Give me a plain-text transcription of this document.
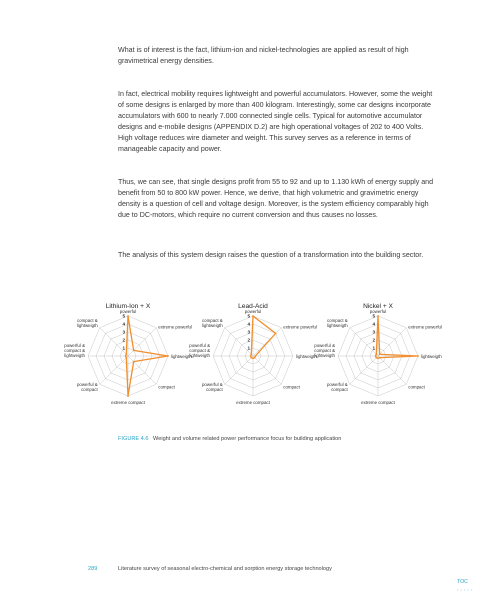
What is of interest is the fact, lithium-ion and nickel-technologies are applied as result of high gravimetrical energy densities.

In fact, electrical mobility requires lightweight and powerful accumulators. However, some the weight of some designs is enlarged by more than 400 kilogram. Interestingly, some car designs incorporate accumulators with 600 to nearly 7.000 connected single cells. Typical for automotive accumulator designs and e-mobile designs (APPENDIX D.2) are high operational voltages of 202 to 400 Volts. High voltage reduces wire diameter and weight. This survey serves as a reference in terms of manageable capacity and power.

Thus, we can see, that single designs profit from 55 to 92 and up to 1.130 kWh of energy supply and benefit from 50 to 800 kW power. Hence, we derive, that high volumetric and gravimetric energy density is a question of cell and voltage design. Moreover, is the system efficiency comparably high due to DC-motors, which require no current conversion and thus causes no losses.

The analysis of this system design raises the question of a transformation into the building sector.

Lithium-Ion + X
1
2
3
4
5
powerful
extreme powerful
lightweigth
compact
extreme compact
powerful & compact
powerful & compact & lightweigth
compact & lightweigth
Lead-Acid
1
2
3
4
5
powerful
extreme powerful
lightweigth
compact
extreme compact
powerful & compact
powerful & compact & lightweigth
compact & lightweigth
Nickel + X
1
2
3
4
5
powerful
extreme powerful
lightweigth
compact
extreme compact
powerful & compact
powerful & compact & lightweigth
compact & lightweigth
FIGURE 4.6 Weight and volume related power performance focus for building application
289	Literature survey of seasonal electro-chemical and sorption energy storage technology
TOC
• • • • •
